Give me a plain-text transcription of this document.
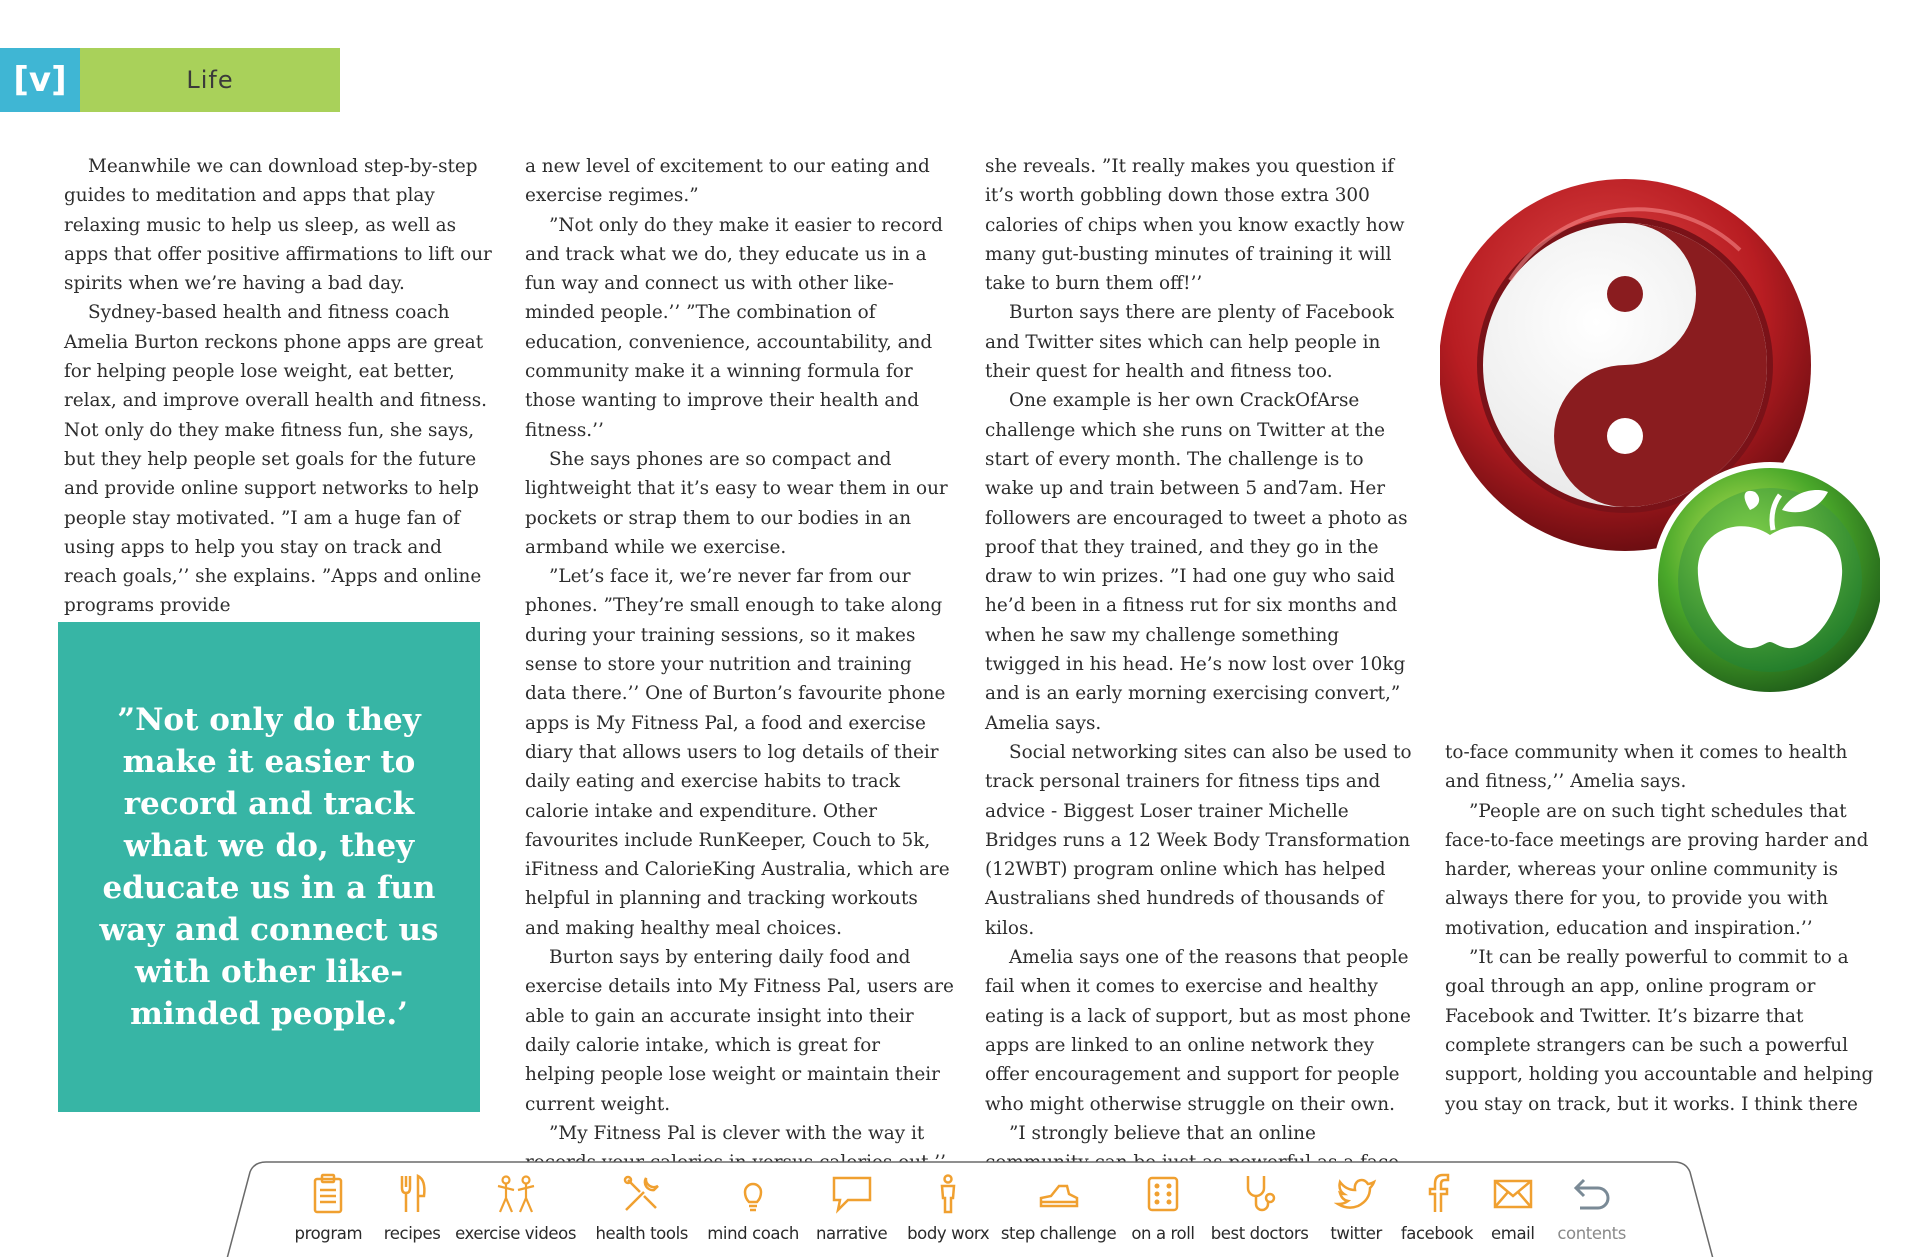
[v]	Life

Meanwhile we can download step-by-step guides to meditation and apps that play relaxing music to help us sleep, as well as apps that offer positive affirmations to lift our spirits when we’re having a bad day.

Sydney-based health and fitness coach Amelia Burton reckons phone apps are great for helping people lose weight, eat better, relax, and improve overall health and fitness. Not only do they make fitness fun, she says, but they help people set goals for the future and provide online support networks to help people stay motivated. ”I am a huge fan of using apps to help you stay on track and reach goals,’’ she explains. ”Apps and online programs provide

”Not only do they make it easier to record and track what we do, they educate us in a fun way and connect us with other like-minded people.’

a new level of excitement to our eating and exercise regimes.”

”Not only do they make it easier to record and track what we do, they educate us in a fun way and connect us with other like-minded people.’’ ”The combination of education, convenience, accountability, and community make it a winning formula for those wanting to improve their health and fitness.’’

She says phones are so compact and lightweight that it’s easy to wear them in our pockets or strap them to our bodies in an armband while we exercise.

”Let’s face it, we’re never far from our phones. ”They’re small enough to take along during your training sessions, so it makes sense to store your nutrition and training data there.’’ One of Burton’s favourite phone apps is My Fitness Pal, a food and exercise diary that allows users to log details of their daily eating and exercise habits to track calorie intake and expenditure. Other favourites include RunKeeper, Couch to 5k, iFitness and CalorieKing Australia, which are helpful in planning and tracking workouts and making healthy meal choices.

Burton says by entering daily food and exercise details into My Fitness Pal, users are able to gain an accurate insight into their daily calorie intake, which is great for helping people lose weight or maintain their current weight.

”My Fitness Pal is clever with the way it

she reveals. ”It really makes you question if it’s worth gobbling down those extra 300 calories of chips when you know exactly how many gut-busting minutes of training it will take to burn them off!’’

Burton says there are plenty of Facebook and Twitter sites which can help people in their quest for health and fitness too.

One example is her own CrackOfArse challenge which she runs on Twitter at the start of every month. The challenge is to wake up and train between 5 and7am. Her followers are encouraged to tweet a photo as proof that they trained, and they go in the draw to win prizes. ”I had one guy who said he’d been in a fitness rut for six months and when he saw my challenge something twigged in his head. He’s now lost over 10kg and is an early morning exercising convert,” Amelia says.

Social networking sites can also be used to track personal trainers for fitness tips and advice - Biggest Loser trainer Michelle Bridges runs a 12 Week Body Transformation (12WBT) program online which has helped Australians shed hundreds of thousands of kilos.

Amelia says one of the reasons that people fail when it comes to exercise and healthy eating is a lack of support, but as most phone apps are linked to an online network they offer encouragement and support for people who might otherwise struggle on their own.

”I strongly believe that an online

to-face community when it comes to health and fitness,’’ Amelia says.

”People are on such tight schedules that face-to-face meetings are proving harder and harder, whereas your online community is always there for you, to provide you with motivation, education and inspiration.’’

”It can be really powerful to commit to a goal through an app, online program or Facebook and Twitter. It’s bizarre that complete strangers can be such a powerful support, holding you accountable and helping you stay on track, but it works. I think there

program recipes exercise videos health tools mind coach narrative body worx step challenge on a roll best doctors twitter facebook email contents
